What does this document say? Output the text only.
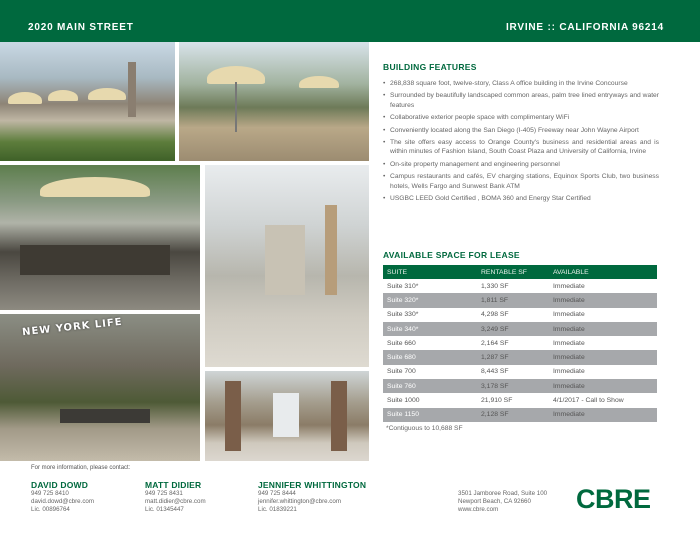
2020 MAIN STREET	IRVINE :: CALIFORNIA 96214
NEW YORK LIFE
BUILDING FEATURES
• 268,838 square foot, twelve-story, Class A office building in the Irvine Concourse
• Surrounded by beautifully landscaped common areas, palm tree lined entryways and water features
• Collaborative exterior people space with complimentary WiFi
• Conveniently located along the San Diego (I-405) Freeway near John Wayne Airport
• The site offers easy access to Orange County's business and residential areas and is within minutes of Fashion Island, South Coast Plaza and University of California, Irvine
• On-site property management and engineering personnel
• Campus restaurants and cafés, EV charging stations, Equinox Sports Club, two business hotels, Wells Fargo and Sunwest Bank ATM
• USGBC LEED Gold Certified , BOMA 360 and Energy Star Certified
AVAILABLE SPACE FOR LEASE
SUITE	RENTABLE SF	AVAILABLE
Suite 310*	1,330 SF	Immediate
Suite 320*	1,811 SF	Immediate
Suite 330*	4,298 SF	Immediate
Suite 340*	3,249 SF	Immediate
Suite 660	2,164 SF	Immediate
Suite 680	1,287 SF	Immediate
Suite 700	8,443 SF	Immediate
Suite 760	3,178 SF	Immediate
Suite 1000	21,910 SF	4/1/2017 - Call to Show
Suite 1150	2,128 SF	Immediate
*Contiguous to 10,688 SF
For more information, please contact:
DAVID DOWD
949 725 8410
david.dowd@cbre.com
Lic. 00896764
MATT DIDIER
949 725 8431
matt.didier@cbre.com
Lic. 01345447
JENNIFER WHITTINGTON
949 725 8444
jennifer.whittington@cbre.com
Lic. 01839221
3501 Jamboree Road, Suite 100
Newport Beach, CA 92660
www.cbre.com	CBRE
